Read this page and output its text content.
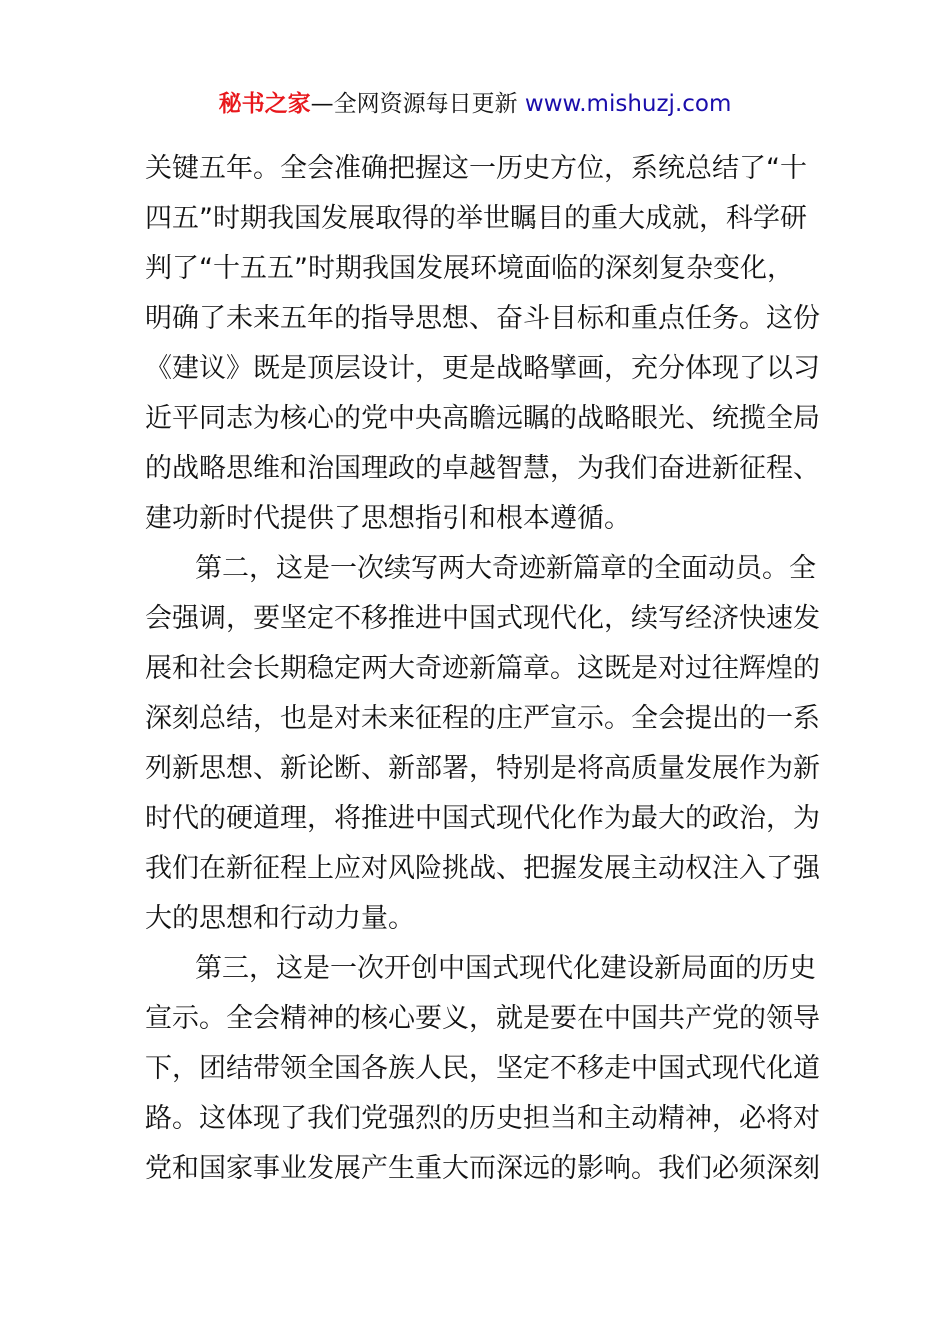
秘书之家—全网资源每日更新 www.mishuzj.com
关键五年。全会准确把握这一历史方位，系统总结了“十
四五”时期我国发展取得的举世瞩目的重大成就，科学研
判了“十五五”时期我国发展环境面临的深刻复杂变化，
明确了未来五年的指导思想、奋斗目标和重点任务。这份
《建议》既是顶层设计，更是战略擘画，充分体现了以习
近平同志为核心的党中央高瞻远瞩的战略眼光、统揽全局
的战略思维和治国理政的卓越智慧，为我们奋进新征程、
建功新时代提供了思想指引和根本遵循。
第二，这是一次续写两大奇迹新篇章的全面动员。全
会强调，要坚定不移推进中国式现代化，续写经济快速发
展和社会长期稳定两大奇迹新篇章。这既是对过往辉煌的
深刻总结，也是对未来征程的庄严宣示。全会提出的一系
列新思想、新论断、新部署，特别是将高质量发展作为新
时代的硬道理，将推进中国式现代化作为最大的政治，为
我们在新征程上应对风险挑战、把握发展主动权注入了强
大的思想和行动力量。
第三，这是一次开创中国式现代化建设新局面的历史
宣示。全会精神的核心要义，就是要在中国共产党的领导
下，团结带领全国各族人民，坚定不移走中国式现代化道
路。这体现了我们党强烈的历史担当和主动精神，必将对
党和国家事业发展产生重大而深远的影响。我们必须深刻
